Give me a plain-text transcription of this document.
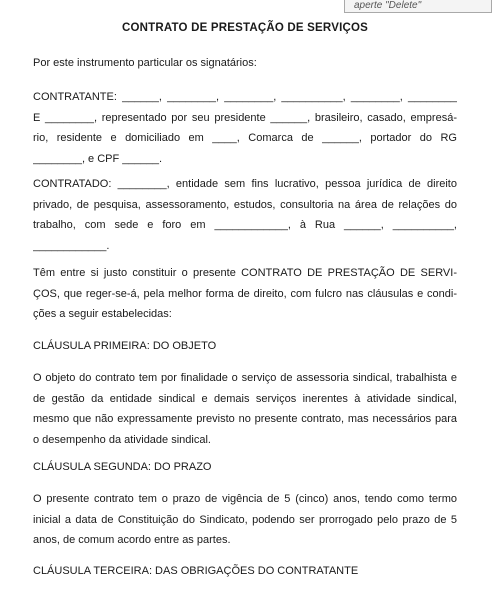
aperte "Delete"
CONTRATO DE PRESTAÇÃO DE SERVIÇOS
Por este instrumento particular os signatários:
CONTRATANTE: ______, ________, ________, __________, ________, ________
E ________, representado por seu presidente ______, brasileiro, casado, empresá-
rio, residente e domiciliado em ____, Comarca de ______, portador do RG
________, e CPF ______.
CONTRATADO: ________, entidade sem fins lucrativo, pessoa jurídica de direito
privado, de pesquisa, assessoramento, estudos, consultoria na área de relações do
trabalho, com sede e foro em ____________, à Rua ______, __________,
____________.
Têm entre si justo constituir o presente CONTRATO DE PRESTAÇÃO DE SERVI-
ÇOS, que reger-se-á, pela melhor forma de direito, com fulcro nas cláusulas e condi-
ções a seguir estabelecidas:
CLÁUSULA PRIMEIRA: DO OBJETO
O objeto do contrato tem por finalidade o serviço de assessoria sindical, trabalhista e
de gestão da entidade sindical e demais serviços inerentes à atividade sindical,
mesmo que não expressamente previsto no presente contrato, mas necessários para
o desempenho da atividade sindical.
CLÁUSULA SEGUNDA: DO PRAZO
O presente contrato tem o prazo de vigência de 5 (cinco) anos, tendo como termo
inicial a data de Constituição do Sindicato, podendo ser prorrogado pelo prazo de 5
anos, de comum acordo entre as partes.
CLÁUSULA TERCEIRA: DAS OBRIGAÇÕES DO CONTRATANTE
